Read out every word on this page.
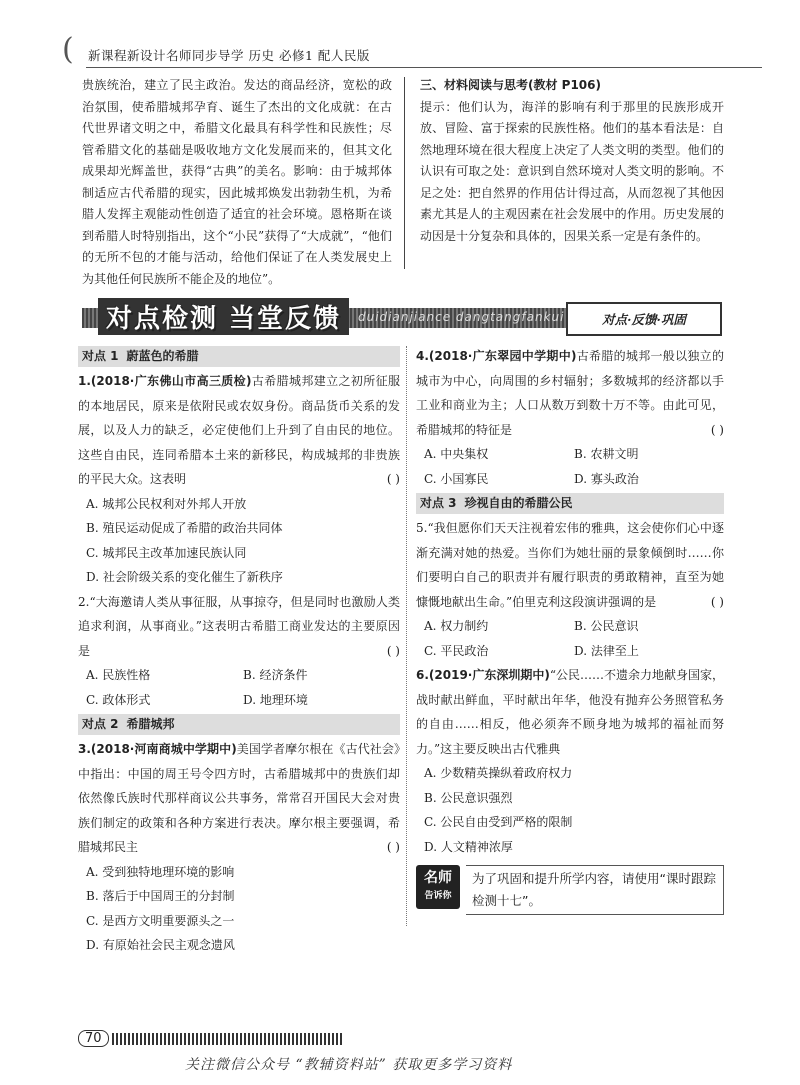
( 新课程新设计名师同步导学 历史 必修1 配人民版

贵族统治，建立了民主政治。发达的商品经济，宽松的政治氛围，使希腊城邦孕育、诞生了杰出的文化成就：在古代世界诸文明之中，希腊文化最具有科学性和民族性；尽管希腊文化的基础是吸收地方文化发展而来的，但其文化成果却光辉盖世，获得“古典”的美名。影响：由于城邦体制适应古代希腊的现实，因此城邦焕发出勃勃生机，为希腊人发挥主观能动性创造了适宜的社会环境。恩格斯在谈到希腊人时特别指出，这个“小民”获得了“大成就”，“他们的无所不包的才能与活动，给他们保证了在人类发展史上为其他任何民族所不能企及的地位”。

三、材料阅读与思考(教材 P106)

提示：他们认为，海洋的影响有利于那里的民族形成开放、冒险、富于探索的民族性格。他们的基本看法是：自然地理环境在很大程度上决定了人类文明的类型。他们的认识有可取之处：意识到自然环境对人类文明的影响。不足之处：把自然界的作用估计得过高，从而忽视了其他因素尤其是人的主观因素在社会发展中的作用。历史发展的动因是十分复杂和具体的，因果关系一定是有条件的。

对点检测 当堂反馈	duidianjiance dangtangfankui	对点·反馈·巩固
对点 1 蔚蓝色的希腊

1.(2018·广东佛山市高三质检)古希腊城邦建立之初所征服的本地居民，原来是依附民或农奴身份。商品货币关系的发展，以及人力的缺乏，必定使他们上升到了自由民的地位。这些自由民，连同希腊本土来的新移民，构成城邦的非贵族的平民大众。这表明	( )

A. 城邦公民权利对外邦人开放
B. 殖民运动促成了希腊的政治共同体
C. 城邦民主改革加速民族认同
D. 社会阶级关系的变化催生了新秩序

2.“大海邀请人类从事征服，从事掠夺，但是同时也激励人类追求利润，从事商业。”这表明古希腊工商业发达的主要原因是	( )

A. 民族性格	B. 经济条件
C. 政体形式	D. 地理环境
对点 2 希腊城邦

3.(2018·河南商城中学期中)美国学者摩尔根在《古代社会》中指出：中国的周王号令四方时，古希腊城邦中的贵族们却依然像氏族时代那样商议公共事务，常常召开国民大会对贵族们制定的政策和各种方案进行表决。摩尔根主要强调，希腊城邦民主	( )

A. 受到独特地理环境的影响
B. 落后于中国周王的分封制
C. 是西方文明重要源头之一
D. 有原始社会民主观念遗风

4.(2018·广东翠园中学期中)古希腊的城邦一般以独立的城市为中心，向周围的乡村辐射；多数城邦的经济都以手工业和商业为主；人口从数万到数十万不等。由此可见，希腊城邦的特征是	( )

A. 中央集权	B. 农耕文明
C. 小国寡民	D. 寡头政治
对点 3 珍视自由的希腊公民

5.“我但愿你们天天注视着宏伟的雅典，这会使你们心中逐渐充满对她的热爱。当你们为她壮丽的景象倾倒时……你们要明白自己的职责并有履行职责的勇敢精神，直至为她慷慨地献出生命。”伯里克利这段演讲强调的是	( )

A. 权力制约	B. 公民意识
C. 平民政治	D. 法律至上

6.(2019·广东深圳期中)“公民……不遗余力地献身国家，战时献出鲜血，平时献出年华，他没有抛弃公务照管私务的自由……相反，他必须奔不顾身地为城邦的福祉而努力。”这主要反映出古代雅典

A. 少数精英操纵着政府权力
B. 公民意识强烈
C. 公民自由受到严格的限制
D. 人文精神浓厚
名师
告诉你
为了巩固和提升所学内容，请使用“课时跟踪检测十七”。
70
关注微信公众号 “教辅资料站” 获取更多学习资料
